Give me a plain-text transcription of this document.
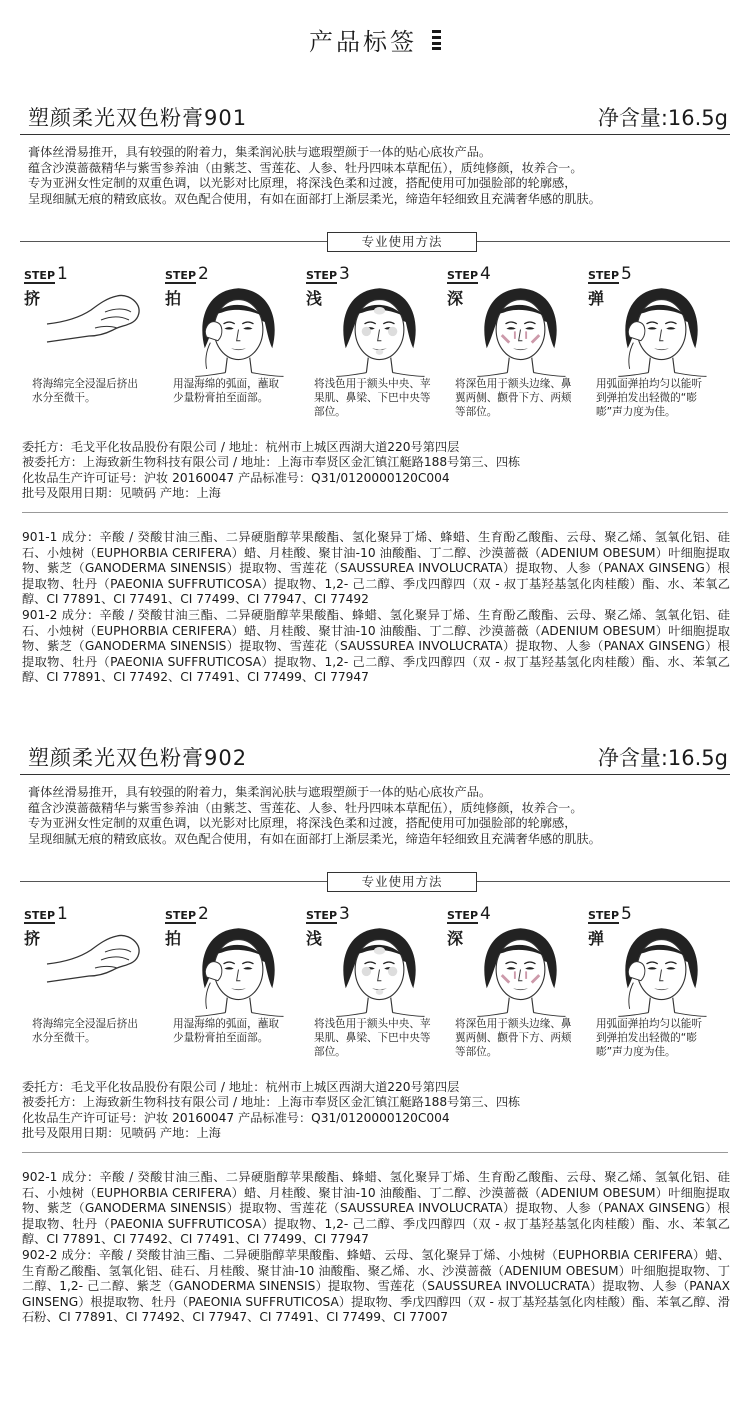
产品标签
塑颜柔光双色粉膏901	净含量:16.5g
膏体丝滑易推开，具有较强的附着力，集柔润沁肤与遮瑕塑颜于一体的贴心底妆产品。
蕴含沙漠蔷薇精华与紫雪参养油（由紫芝、雪莲花、人参、牡丹四味本草配伍），质纯修颜，妆养合一。
专为亚洲女性定制的双重色调，以光影对比原理，将深浅色柔和过渡，搭配使用可加强脸部的轮廓感，
呈现细腻无痕的精致底妆。双色配合使用，有如在面部打上渐层柔光，缔造年轻细致且充满奢华感的肌肤。
专业使用方法
STEP 1
挤
将海绵完全浸湿后挤出
水分至微干。
STEP 2
拍
用湿海绵的弧面，蘸取
少量粉膏拍至面部。
STEP 3
浅
将浅色用于额头中央、苹
果肌、鼻梁、下巴中央等
部位。
STEP 4
深
将深色用于额头边缘、鼻
翼两侧、颧骨下方、两颊
等部位。
STEP 5
弹
用弧面弹拍均匀以能听
到弹拍发出轻微的“嘭
嘭”声力度为佳。
委托方：毛戈平化妆品股份有限公司 / 地址：杭州市上城区西湖大道220号第四层
被委托方：上海致新生物科技有限公司 / 地址：上海市奉贤区金汇镇江艇路188号第三、四栋
化妆品生产许可证号：沪妆 20160047 产品标准号：Q31/0120000120C004
批号及限用日期：见喷码 产地：上海
901-1 成分：辛酸 / 癸酸甘油三酯、二异硬脂醇苹果酸酯、氢化聚异丁烯、蜂蜡、生育酚乙酸酯、云母、聚乙烯、氢氧化铝、硅石、小烛树（EUPHORBIA CERIFERA）蜡、月桂酸、聚甘油-10 油酸酯、丁二醇、沙漠蔷薇（ADENIUM OBESUM）叶细胞提取物、紫芝（GANODERMA SINENSIS）提取物、雪莲花（SAUSSUREA INVOLUCRATA）提取物、人参（PANAX GINSENG）根提取物、牡丹（PAEONIA SUFFRUTICOSA）提取物、1,2- 己二醇、季戊四醇四（双 - 叔丁基羟基氢化肉桂酸）酯、水、苯氧乙醇、CI 77891、CI 77491、CI 77499、CI 77947、CI 77492
901-2 成分：辛酸 / 癸酸甘油三酯、二异硬脂醇苹果酸酯、蜂蜡、氢化聚异丁烯、生育酚乙酸酯、云母、聚乙烯、氢氧化铝、硅石、小烛树（EUPHORBIA CERIFERA）蜡、月桂酸、聚甘油-10 油酸酯、丁二醇、沙漠蔷薇（ADENIUM OBESUM）叶细胞提取物、紫芝（GANODERMA SINENSIS）提取物、雪莲花（SAUSSUREA INVOLUCRATA）提取物、人参（PANAX GINSENG）根提取物、牡丹（PAEONIA SUFFRUTICOSA）提取物、1,2- 己二醇、季戊四醇四（双 - 叔丁基羟基氢化肉桂酸）酯、水、苯氧乙醇、CI 77891、CI 77492、CI 77491、CI 77499、CI 77947
塑颜柔光双色粉膏902	净含量:16.5g
膏体丝滑易推开，具有较强的附着力，集柔润沁肤与遮瑕塑颜于一体的贴心底妆产品。
蕴含沙漠蔷薇精华与紫雪参养油（由紫芝、雪莲花、人参、牡丹四味本草配伍），质纯修颜，妆养合一。
专为亚洲女性定制的双重色调，以光影对比原理，将深浅色柔和过渡，搭配使用可加强脸部的轮廓感，
呈现细腻无痕的精致底妆。双色配合使用，有如在面部打上渐层柔光，缔造年轻细致且充满奢华感的肌肤。
专业使用方法
STEP 1
挤
将海绵完全浸湿后挤出
水分至微干。
STEP 2
拍
用湿海绵的弧面，蘸取
少量粉膏拍至面部。
STEP 3
浅
将浅色用于额头中央、苹
果肌、鼻梁、下巴中央等
部位。
STEP 4
深
将深色用于额头边缘、鼻
翼两侧、颧骨下方、两颊
等部位。
STEP 5
弹
用弧面弹拍均匀以能听
到弹拍发出轻微的“嘭
嘭”声力度为佳。
委托方：毛戈平化妆品股份有限公司 / 地址：杭州市上城区西湖大道220号第四层
被委托方：上海致新生物科技有限公司 / 地址：上海市奉贤区金汇镇江艇路188号第三、四栋
化妆品生产许可证号：沪妆 20160047 产品标准号：Q31/0120000120C004
批号及限用日期：见喷码 产地：上海
902-1 成分：辛酸 / 癸酸甘油三酯、二异硬脂醇苹果酸酯、蜂蜡、氢化聚异丁烯、生育酚乙酸酯、云母、聚乙烯、氢氧化铝、硅石、小烛树（EUPHORBIA CERIFERA）蜡、月桂酸、聚甘油-10 油酸酯、丁二醇、沙漠蔷薇（ADENIUM OBESUM）叶细胞提取物、紫芝（GANODERMA SINENSIS）提取物、雪莲花（SAUSSUREA INVOLUCRATA）提取物、人参（PANAX GINSENG）根提取物、牡丹（PAEONIA SUFFRUTICOSA）提取物、1,2- 己二醇、季戊四醇四（双 - 叔丁基羟基氢化肉桂酸）酯、水、苯氧乙醇、CI 77891、CI 77492、CI 77491、CI 77499、CI 77947
902-2 成分：辛酸 / 癸酸甘油三酯、二异硬脂醇苹果酸酯、蜂蜡、云母、氢化聚异丁烯、小烛树（EUPHORBIA CERIFERA）蜡、生育酚乙酸酯、氢氧化铝、硅石、月桂酸、聚甘油-10 油酸酯、聚乙烯、水、沙漠蔷薇（ADENIUM OBESUM）叶细胞提取物、丁二醇、1,2- 己二醇、紫芝（GANODERMA SINENSIS）提取物、雪莲花（SAUSSUREA INVOLUCRATA）提取物、人参（PANAX GINSENG）根提取物、牡丹（PAEONIA SUFFRUTICOSA）提取物、季戊四醇四（双 - 叔丁基羟基氢化肉桂酸）酯、苯氧乙醇、滑石粉、CI 77891、CI 77492、CI 77947、CI 77491、CI 77499、CI 77007
